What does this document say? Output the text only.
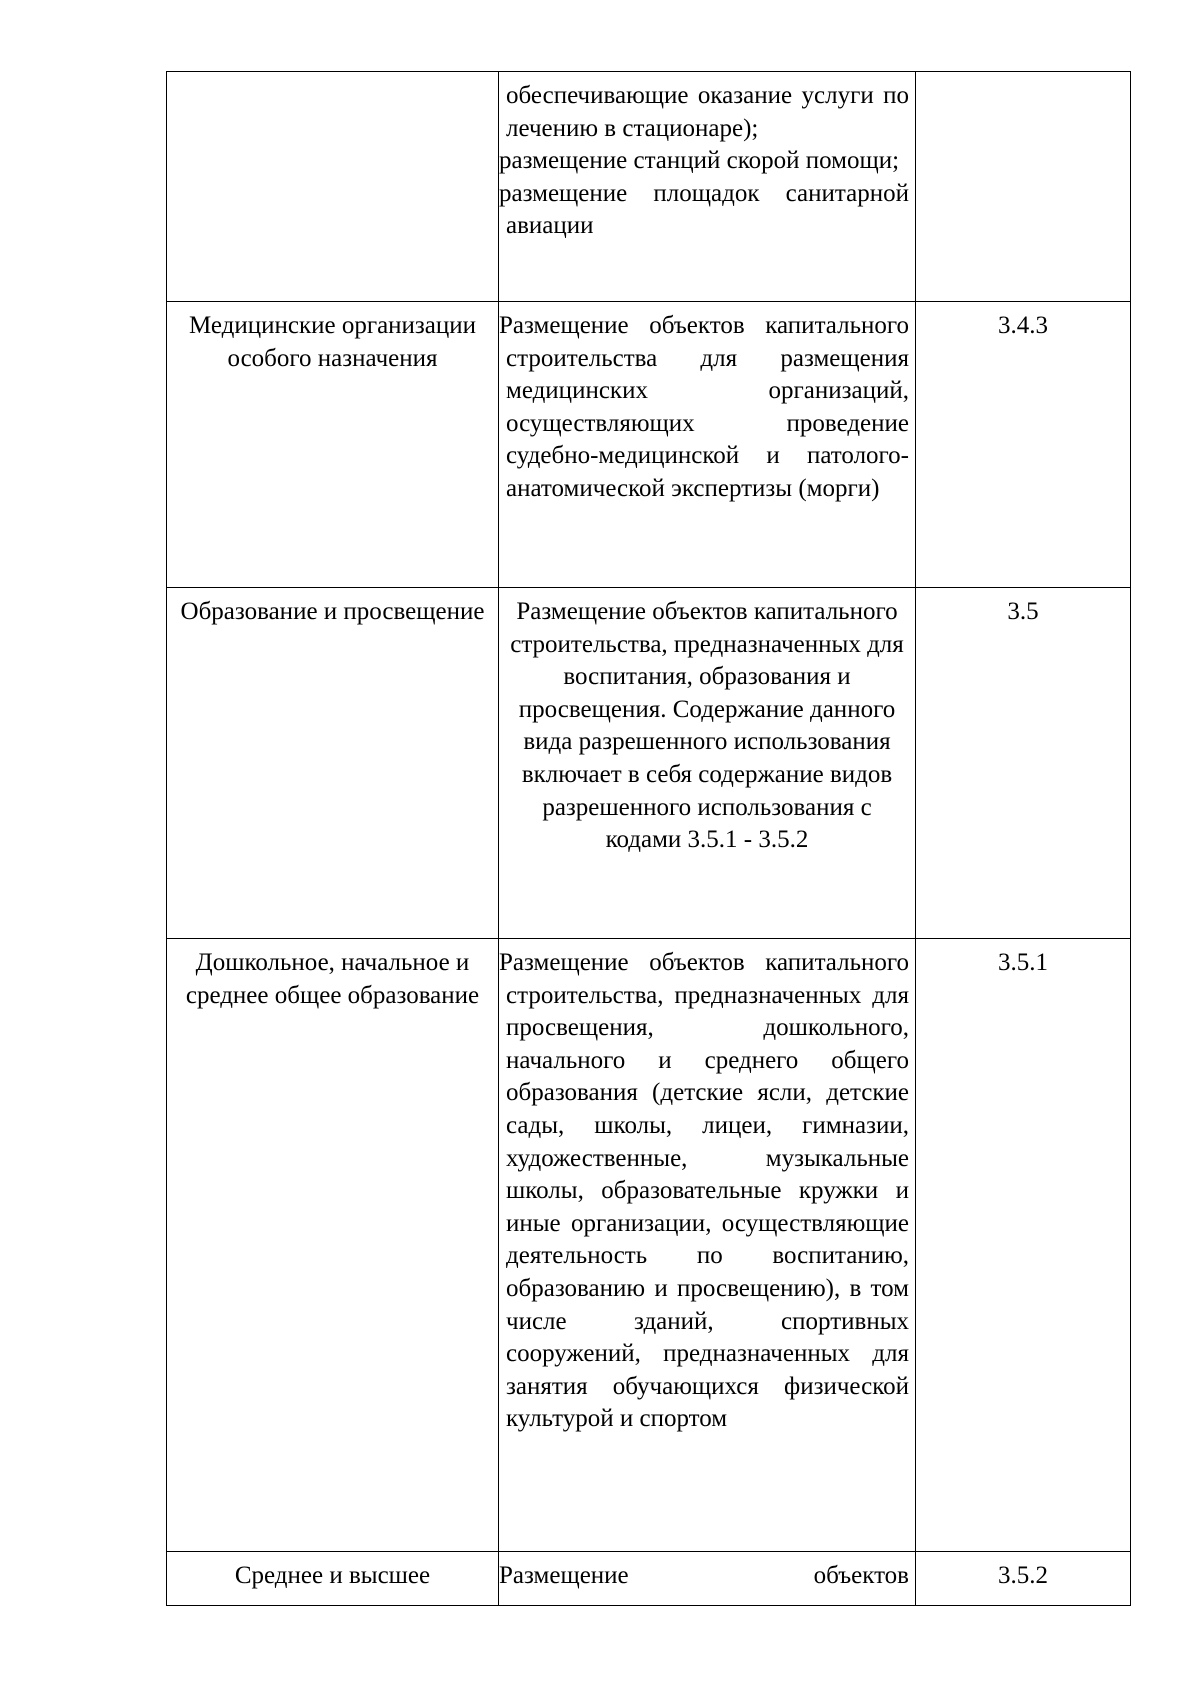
	обеспечивающие оказание услуги по лечению в стационаре);
размещение станций скорой помощи;
размещение площадок санитарной авиации	

Медицинские организации особого назначения	Размещение объектов капитального строительства для размещения медицинских организаций, осуществляющих проведение судебно-медицинской и патолого-анатомической экспертизы (морги)	3.4.3
Образование и просвещение	Размещение объектов капитального строительства, предназначенных для воспитания, образования и просвещения. Содержание данного вида разрешенного использования включает в себя содержание видов разрешенного использования с кодами 3.5.1 - 3.5.2	3.5
Дошкольное, начальное и среднее общее образование	Размещение объектов капитального строительства, предназначенных для просвещения, дошкольного, начального и среднего общего образования (детские ясли, детские сады, школы, лицеи, гимназии, художественные, музыкальные школы, образовательные кружки и иные организации, осуществляющие деятельность по воспитанию, образованию и просвещению), в том числе зданий, спортивных сооружений, предназначенных для занятия обучающихся физической культурой и спортом	3.5.1
Среднее и высшее	Размещение объектов	3.5.2
